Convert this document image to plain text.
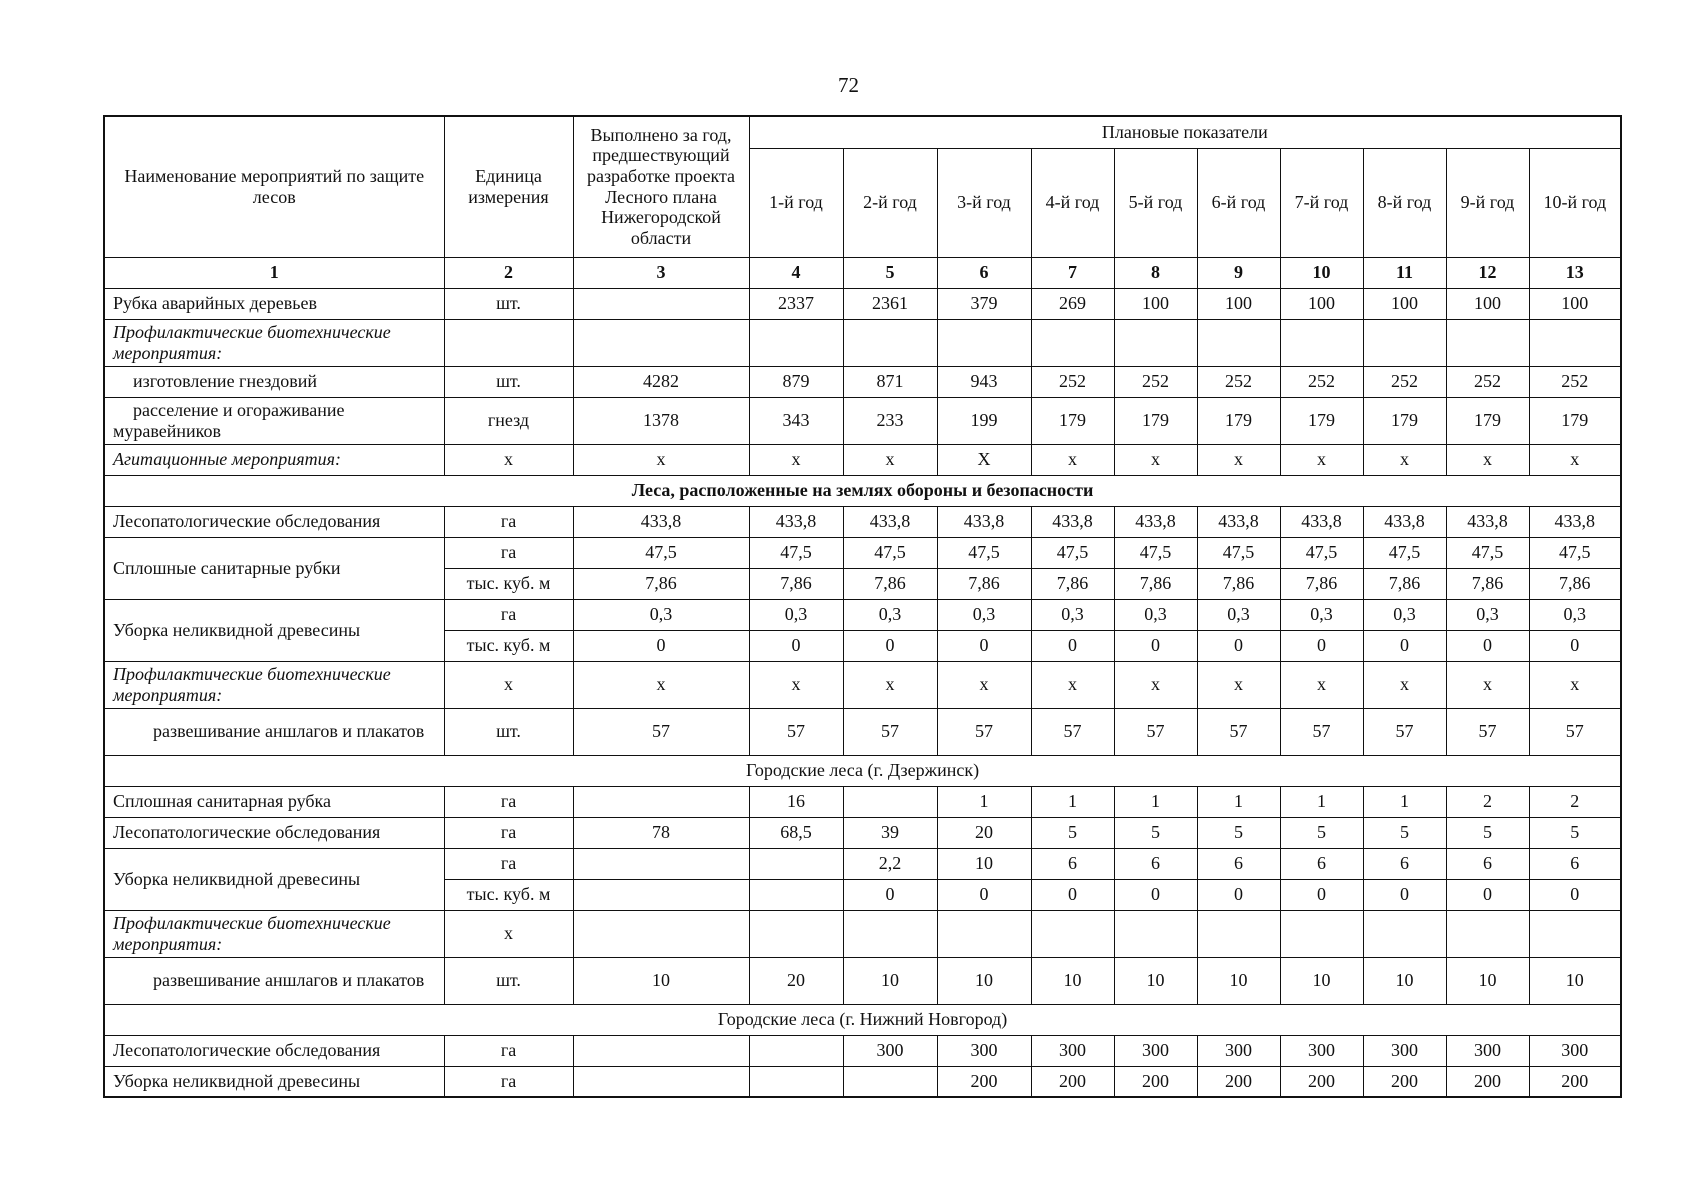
72
Наименование мероприятий по защите лесов	Единица измерения	Выполнено за год, предшествующий разработке проекта Лесного плана Нижегородской области	Плановые показатели									
			1-й год	2-й год	3-й год	4-й год	5-й год	6-й год	7-й год	8-й год	9-й год	10-й год
1	2	3	4	5	6	7	8	9	10	11	12	13
Рубка аварийных деревьев	шт.		2337	2361	379	269	100	100	100	100	100	100
Профилактические биотехнические мероприятия:												
изготовление гнездовий	шт.	4282	879	871	943	252	252	252	252	252	252	252
расселение и огораживание муравейников	гнезд	1378	343	233	199	179	179	179	179	179	179	179
Агитационные мероприятия:	х	х	х	х	Х	х	х	х	х	х	х	х
Леса, расположенные на землях обороны и безопасности												
Лесопатологические обследования	га	433,8	433,8	433,8	433,8	433,8	433,8	433,8	433,8	433,8	433,8	433,8
Сплошные санитарные рубки	га	47,5	47,5	47,5	47,5	47,5	47,5	47,5	47,5	47,5	47,5	47,5
	тыс. куб. м	7,86	7,86	7,86	7,86	7,86	7,86	7,86	7,86	7,86	7,86	7,86
Уборка неликвидной древесины	га	0,3	0,3	0,3	0,3	0,3	0,3	0,3	0,3	0,3	0,3	0,3
	тыс. куб. м	0	0	0	0	0	0	0	0	0	0	0
Профилактические биотехнические мероприятия:	х	х	х	х	х	х	х	х	х	х	х	х
развешивание аншлагов и плакатов	шт.	57	57	57	57	57	57	57	57	57	57	57
Городские леса (г. Дзержинск)												
Сплошная санитарная рубка	га		16		1	1	1	1	1	1	2	2
Лесопатологические обследования	га	78	68,5	39	20	5	5	5	5	5	5	5
Уборка неликвидной древесины	га			2,2	10	6	6	6	6	6	6	6
	тыс. куб. м			0	0	0	0	0	0	0	0	0
Профилактические биотехнические мероприятия:	х											
развешивание аншлагов и плакатов	шт.	10	20	10	10	10	10	10	10	10	10	10
Городские леса (г. Нижний Новгород)												
Лесопатологические обследования	га			300	300	300	300	300	300	300	300	300
Уборка неликвидной древесины	га				200	200	200	200	200	200	200	200
